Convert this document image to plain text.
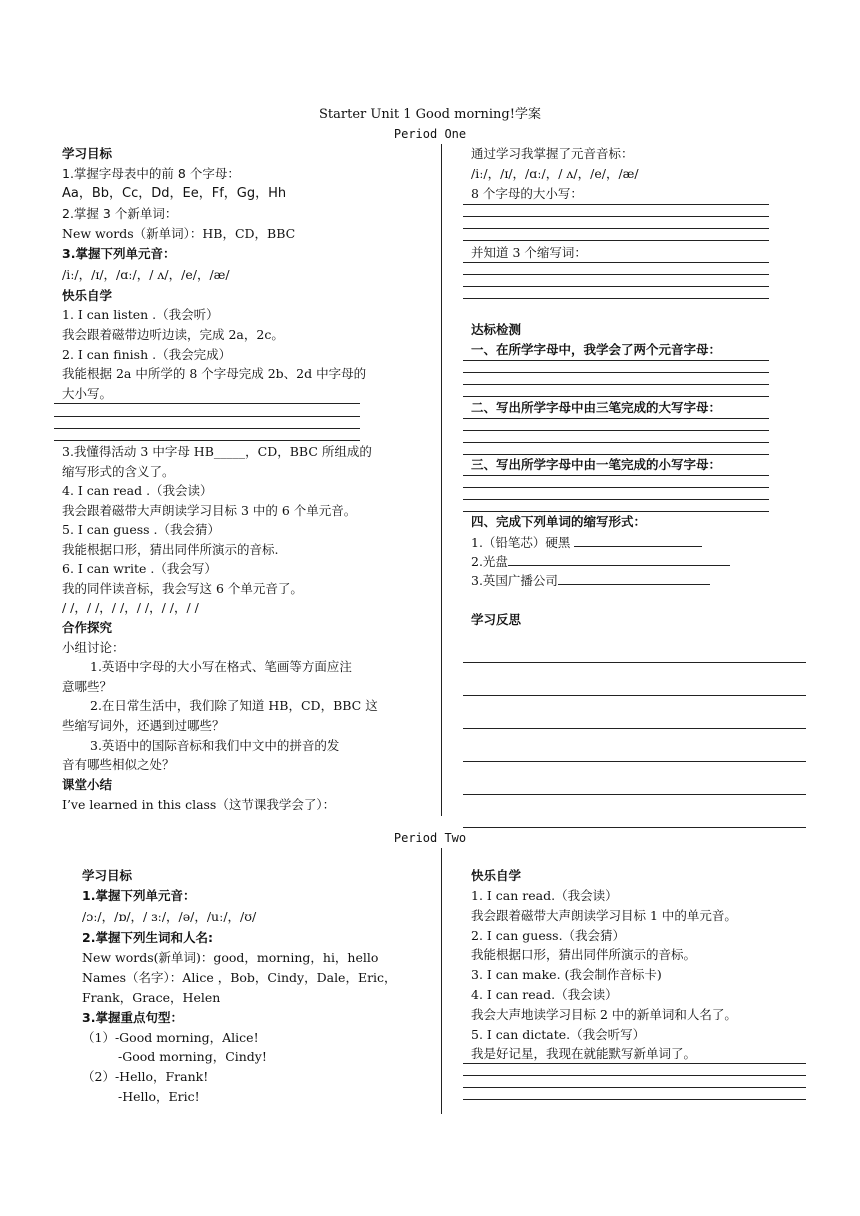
Starter Unit 1 Good morning!学案
Period One
学习目标
1.掌握字母表中的前 8 个字母：
Aa，Bb，Cc，Dd，Ee，Ff，Gg，Hh
2.掌握 3 个新单词：
New words（新单词）：HB，CD，BBC
3.掌握下列单元音：
/iː/，/ɪ/，/ɑː/，/ ʌ/，/e/，/æ/
快乐自学
1. I can listen .（我会听）
我会跟着磁带边听边读，完成 2a，2c。
2. I can finish .（我会完成）
我能根据 2a 中所学的 8 个字母完成 2b、2d 中字母的
大小写。
3.我懂得活动 3 中字母 HB_____，CD，BBC 所组成的
缩写形式的含义了。
4. I can read .（我会读）
我会跟着磁带大声朗读学习目标 3 中的 6 个单元音。
5. I can guess .（我会猜）
我能根据口形，猜出同伴所演示的音标.
6. I can write .（我会写）
我的同伴读音标，我会写这 6 个单元音了。
/ /，/ /，/ /，/ /，/ /，/ /
合作探究
小组讨论：
1.英语中字母的大小写在格式、笔画等方面应注
意哪些？
2.在日常生活中，我们除了知道 HB，CD，BBC 这
些缩写词外，还遇到过哪些？
3.英语中的国际音标和我们中文中的拼音的发
音有哪些相似之处？
课堂小结
I’ve learned in this class（这节课我学会了）：
通过学习我掌握了元音音标：
/iː/，/ɪ/，/ɑː/，/ ʌ/，/e/，/æ/
8 个字母的大小写：
并知道 3 个缩写词：
达标检测
一、在所学字母中，我学会了两个元音字母：
二、写出所学字母中由三笔完成的大写字母：
三、写出所学字母中由一笔完成的小写字母：
四、完成下列单词的缩写形式：
1.（铅笔芯）硬黑
2.光盘
3.英国广播公司
学习反思
Period Two
学习目标
1.掌握下列单元音：
/ɔː/，/ɒ/，/ ɜː/，/ə/，/uː/，/ʊ/
2.掌握下列生词和人名:
New words(新单词)：good，morning，hi，hello
Names（名字）：Alice ，Bob，Cindy，Dale，Eric，
Frank，Grace，Helen
3.掌握重点句型：
（1）-Good morning，Alice!
-Good morning，Cindy!
（2）-Hello，Frank!
-Hello，Eric!
快乐自学
1. I can read.（我会读）
我会跟着磁带大声朗读学习目标 1 中的单元音。
2. I can guess.（我会猜）
我能根据口形，猜出同伴所演示的音标。
3. I can make. (我会制作音标卡)
4. I can read.（我会读）
我会大声地读学习目标 2 中的新单词和人名了。
5. I can dictate.（我会听写）
我是好记星，我现在就能默写新单词了。
